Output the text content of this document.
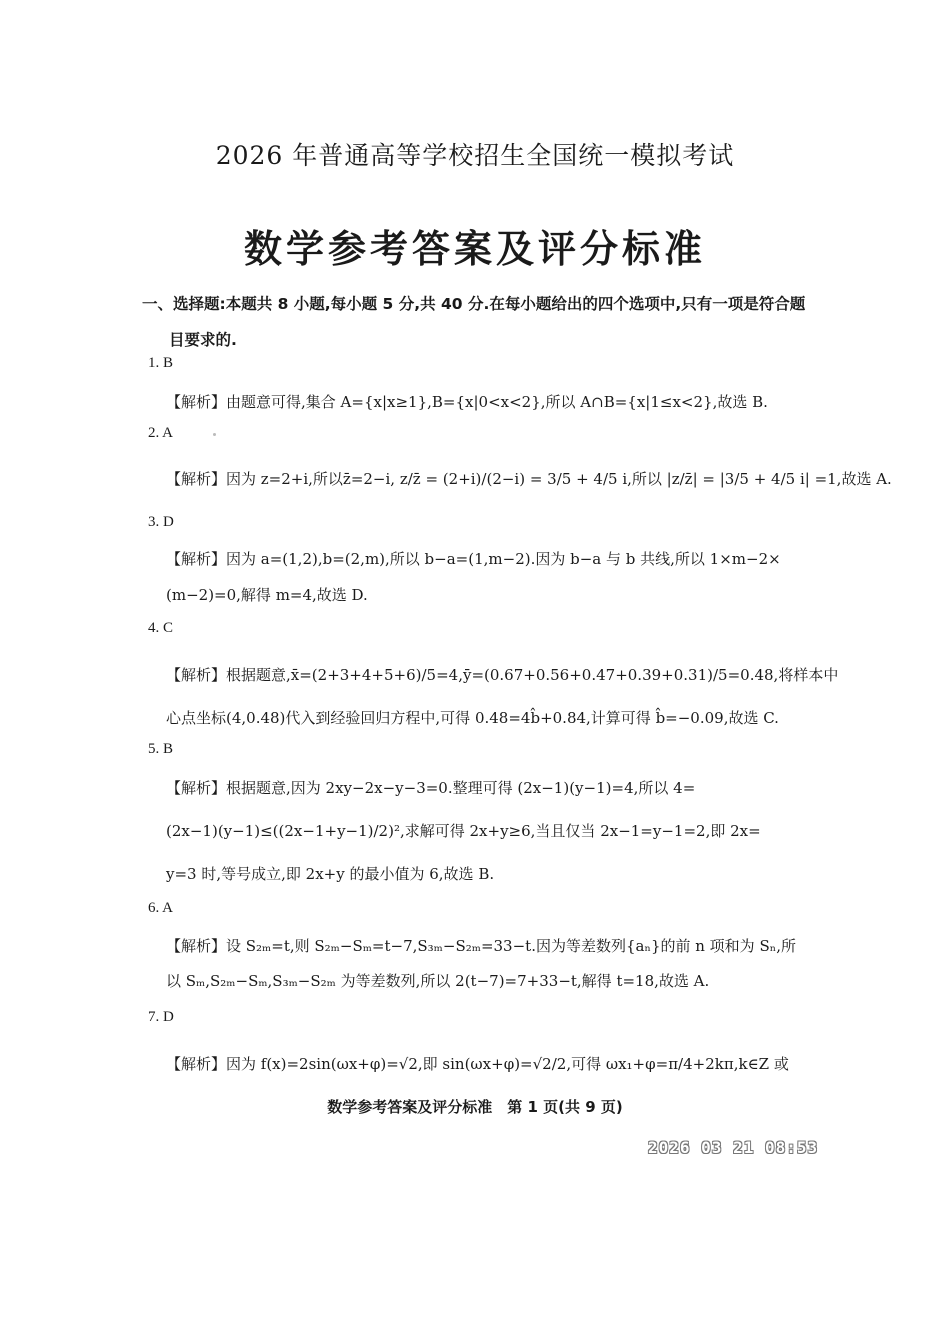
2026 年普通高等学校招生全国统一模拟考试
数学参考答案及评分标准
一、选择题:本题共 8 小题,每小题 5 分,共 40 分.在每小题给出的四个选项中,只有一项是符合题
目要求的.
1. B
【解析】由题意可得,集合 A={x|x≥1},B={x|0<x<2},所以 A∩B={x|1≤x<2},故选 B.
2. A
【解析】因为 z=2+i,所以z̄=2−i, z/z̄ = (2+i)/(2−i) = 3/5 + 4/5 i,所以 |z/z̄| = |3/5 + 4/5 i| =1,故选 A.
3. D
【解析】因为 a=(1,2),b=(2,m),所以 b−a=(1,m−2).因为 b−a 与 b 共线,所以 1×m−2×
(m−2)=0,解得 m=4,故选 D.
4. C
【解析】根据题意,x̄=(2+3+4+5+6)/5=4,ȳ=(0.67+0.56+0.47+0.39+0.31)/5=0.48,将样本中
心点坐标(4,0.48)代入到经验回归方程中,可得 0.48=4b̂+0.84,计算可得 b̂=−0.09,故选 C.
5. B
【解析】根据题意,因为 2xy−2x−y−3=0.整理可得 (2x−1)(y−1)=4,所以 4=
(2x−1)(y−1)≤((2x−1+y−1)/2)²,求解可得 2x+y≥6,当且仅当 2x−1=y−1=2,即 2x=
y=3 时,等号成立,即 2x+y 的最小值为 6,故选 B.
6. A
【解析】设 S₂ₘ=t,则 S₂ₘ−Sₘ=t−7,S₃ₘ−S₂ₘ=33−t.因为等差数列{aₙ}的前 n 项和为 Sₙ,所
以 Sₘ,S₂ₘ−Sₘ,S₃ₘ−S₂ₘ 为等差数列,所以 2(t−7)=7+33−t,解得 t=18,故选 A.
7. D
【解析】因为 f(x)=2sin(ωx+φ)=√2,即 sin(ωx+φ)=√2/2,可得 ωx₁+φ=π/4+2kπ,k∈Z 或
数学参考答案及评分标准　第 1 页(共 9 页)
2026 03 21 08:53
